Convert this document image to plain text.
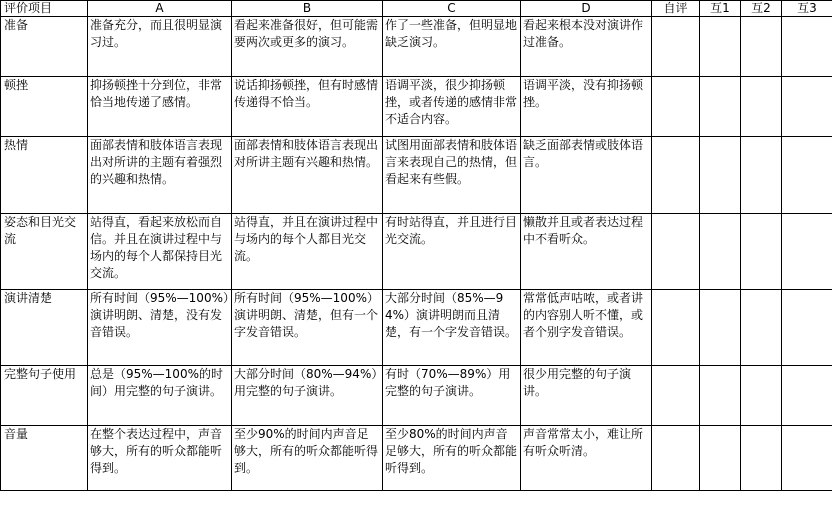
评价项目	A	B	C	D	自评	互1	互2	互3
准备	准备充分，而且很明显演习过。	看起来准备很好，但可能需要两次或更多的演习。	作了一些准备，但明显地缺乏演习。	看起来根本没对演讲作过准备。				
顿挫	抑扬顿挫十分到位，非常恰当地传递了感情。	说话抑扬顿挫，但有时感情传递得不恰当。	语调平淡，很少抑扬顿挫，或者传递的感情非常不适合内容。	语调平淡，没有抑扬顿挫。				
热情	面部表情和肢体语言表现出对所讲的主题有着强烈的兴趣和热情。	面部表情和肢体语言表现出对所讲主题有兴趣和热情。	试图用面部表情和肢体语言来表现自己的热情，但看起来有些假。	缺乏面部表情或肢体语言。				
姿态和目光交流	站得直，看起来放松而自信。并且在演讲过程中与场内的每个人都保持目光交流。	站得直，并且在演讲过程中与场内的每个人都目光交流。	有时站得直，并且进行目光交流。	懒散并且或者表达过程中不看听众。				
演讲清楚	所有时间（95%—100%）演讲明朗、清楚，没有发音错误。	所有时间（95%—100%）演讲明朗、清楚，但有一个字发音错误。	大部分时间（85%—94%）演讲明朗而且清楚，有一个字发音错误。	常常低声咕哝，或者讲的内容别人听不懂，或者个别字发音错误。				
完整句子使用	总是（95%—100%的时间）用完整的句子演讲。	大部分时间（80%—94%）用完整的句子演讲。	有时（70%—89%）用完整的句子演讲。	很少用完整的句子演讲。				
音量	在整个表达过程中，声音够大，所有的听众都能听得到。	至少90%的时间内声音足够大，所有的听众都能听得到。	至少80%的时间内声音足够大，所有的听众都能听得到。	声音常常太小，难让所有听众听清。				
